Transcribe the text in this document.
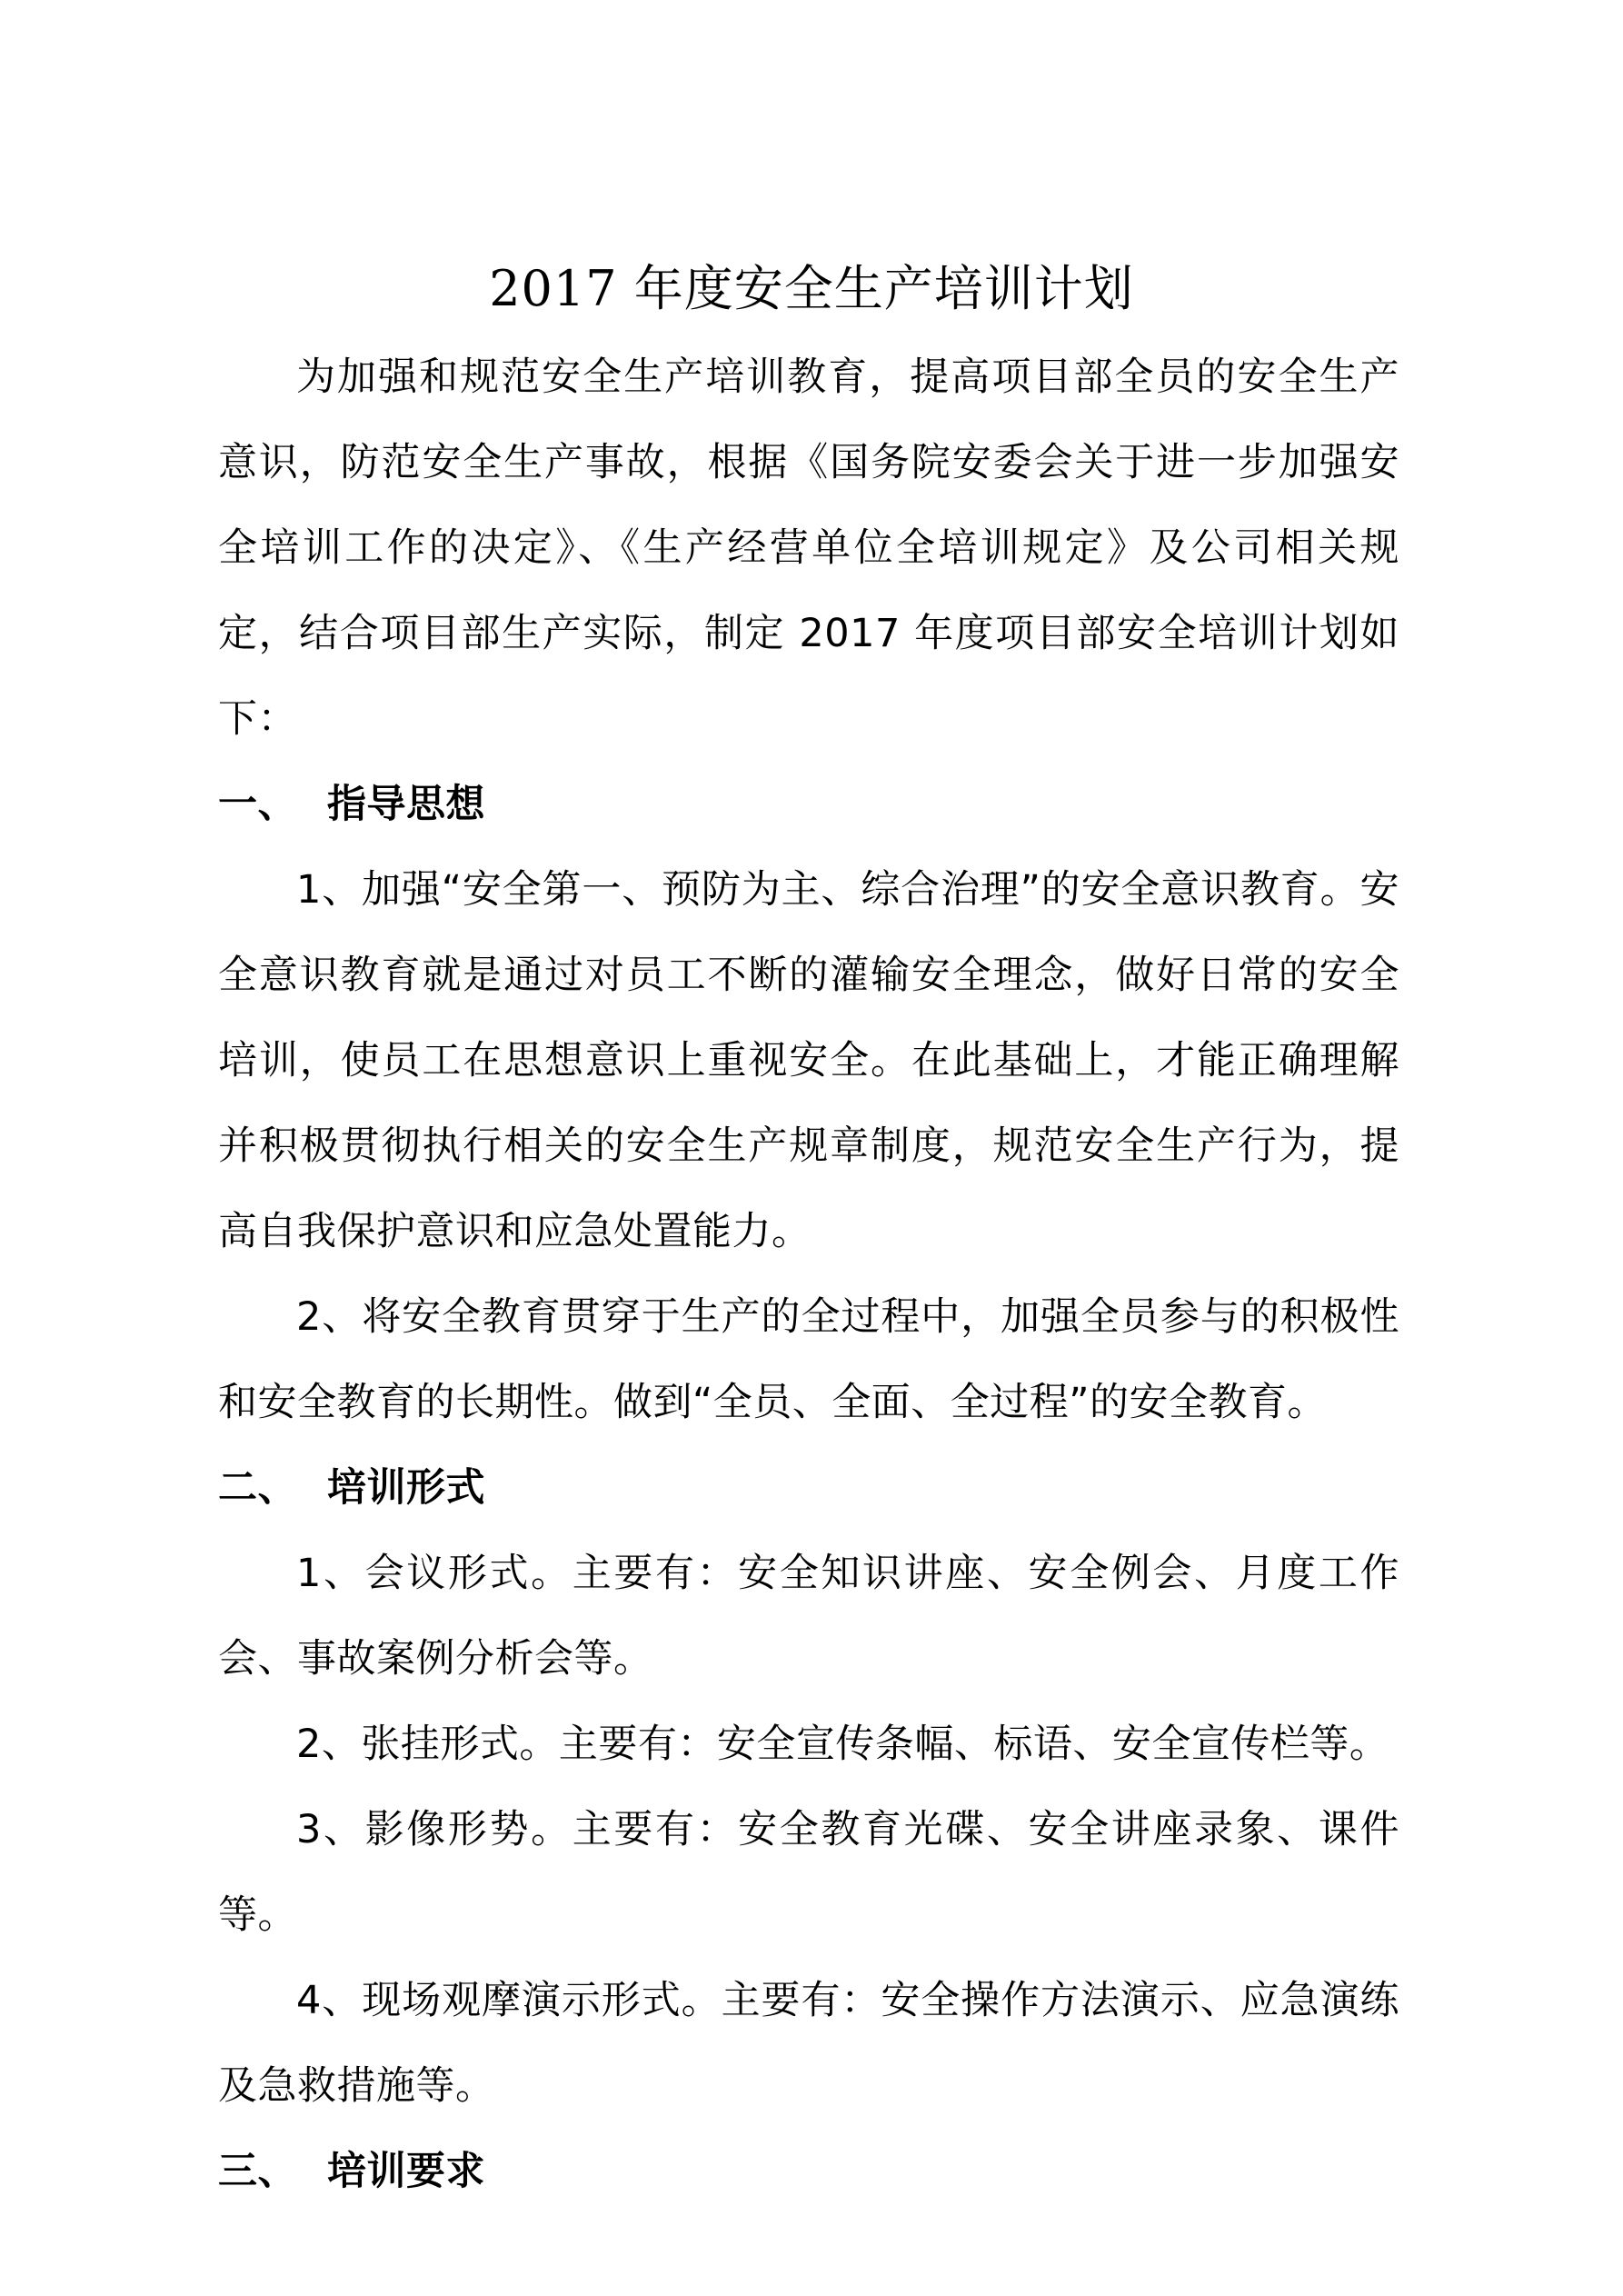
2017 年度安全生产培训计划

为加强和规范安全生产培训教育，提高项目部全员的安全生产意识，防范安全生产事故，根据《国务院安委会关于进一步加强安全培训工作的决定》、《生产经营单位全培训规定》及公司相关规定，结合项目部生产实际，制定 2017 年度项目部安全培训计划如下：

一、 指导思想

1、加强“安全第一、预防为主、综合治理”的安全意识教育。安全意识教育就是通过对员工不断的灌输安全理念，做好日常的安全培训，使员工在思想意识上重视安全。在此基础上，才能正确理解并积极贯彻执行相关的安全生产规章制度，规范安全生产行为，提高自我保护意识和应急处置能力。

2、将安全教育贯穿于生产的全过程中，加强全员参与的积极性和安全教育的长期性。做到“全员、全面、全过程”的安全教育。

二、 培训形式

1、会议形式。主要有：安全知识讲座、安全例会、月度工作会、事故案例分析会等。

2、张挂形式。主要有：安全宣传条幅、标语、安全宣传栏等。

3、影像形势。主要有：安全教育光碟、安全讲座录象、课件等。

4、现场观摩演示形式。主要有：安全操作方法演示、应急演练及急救措施等。

三、 培训要求
